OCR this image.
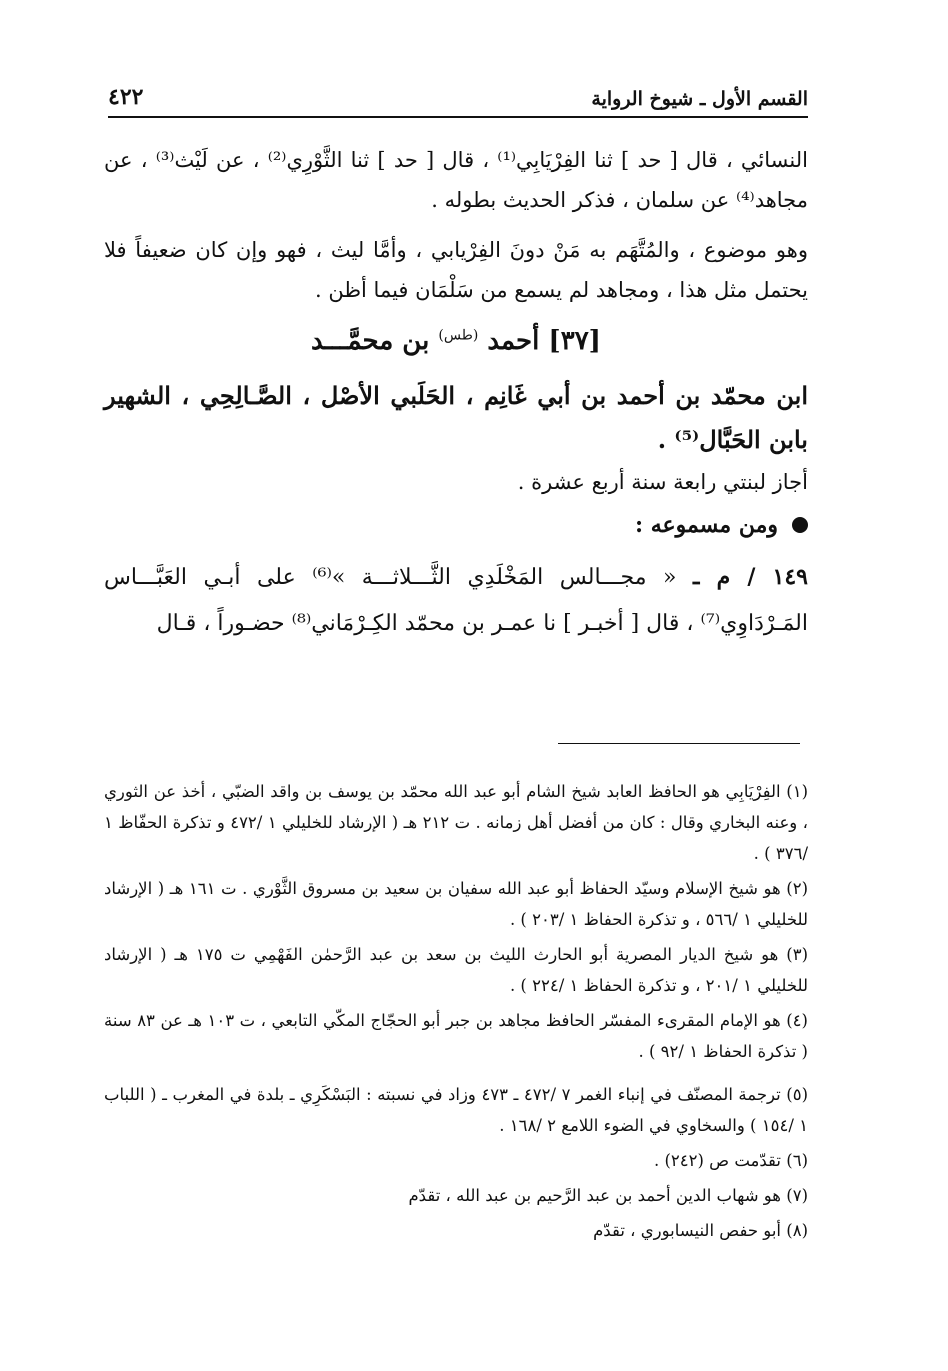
القسم الأول ـ شيوخ الرواية
٤٢٢

النسائي ، قال [ حد ] ثنا الفِرْيَابِي⁽¹⁾ ، قال [ حد ] ثنا الثَّوْرِي⁽²⁾ ، عن لَيْث⁽³⁾ ، عن مجاهد⁽⁴⁾ عن سلمان ، فذكر الحديث بطوله .

وهو موضوع ، والمُتَّهَم به مَنْ دونَ الفِرْيابي ، وأمَّا ليث ، فهو وإن كان ضعيفاً فلا يحتمل مثل هذا ، ومجاهد لم يسمع من سَلْمَان فيما أظن .

[٣٧] أحمد $^{(طس)}$ بن محمَّـــد

ابن محمّد بن أحمد بن أبي غَانِم ، الحَلَبي الأصْل ، الصَّـالِحِي ، الشهير بابن الحَبَّال⁽⁵⁾ .

أجاز لبنتي رابعة سنة أربع عشرة .

ومن مسموعه :

١٤٩ / م ـ « مجـــالس المَخْلَدِي الثَّـــلاثـــة »⁽⁶⁾ على أبـي العَبَّـــاس المَـرْدَاوِي⁽⁷⁾ ، قال [ أخبـر ] نا عمـر بن محمّد الكِـرْمَاني⁽⁸⁾ حضـوراً ، قـال

(١) الفِرْيَابِي هو الحافظ العابد شيخ الشام أبو عبد الله محمّد بن يوسف بن واقد الضبّي ، أخذ عن الثوري ، وعنه البخاري وقال : كان من أفضل أهل زمانه . ت ٢١٢ هـ ( الإرشاد للخليلي ١ /٤٧٢ و تذكرة الحفّاظ ١ /٣٧٦ ) .

(٢) هو شيخ الإسلام وسيّد الحفاظ أبو عبد الله سفيان بن سعيد بن مسروق الثَّوْري . ت ١٦١ هـ ( الإرشاد للخليلي ١ /٥٦٦ ، و تذكرة الحفاظ ١ /٢٠٣ ) .

(٣) هو شيخ الديار المصرية أبو الحارث الليث بن سعد بن عبد الرَّحمٰن الفَهْمِي ت ١٧٥ هـ ( الإرشاد للخليلي ١ /٢٠١ ، و تذكرة الحفاظ ١ /٢٢٤ ) .

(٤) هو الإمام المقرىء المفسّر الحافظ مجاهد بن جبر أبو الحجّاج المكّي التابعي ، ت ١٠٣ هـ عن ٨٣ سنة ( تذكرة الحفاظ ١ /٩٢ ) .

(٥) ترجمة المصنّف في إنباء الغمر ٧ /٤٧٢ ـ ٤٧٣ وزاد في نسبته : البَسْكَرِي ـ بلدة في المغرب ـ ( اللباب ١ /١٥٤ ) والسخاوي في الضوء اللامع ٢ /١٦٨ .

(٦) تقدّمت ص (٢٤٢) .

(٧) هو شهاب الدين أحمد بن عبد الرَّحيم بن عبد الله ، تقدّم

(٨) أبو حفص النيسابوري ، تقدّم
